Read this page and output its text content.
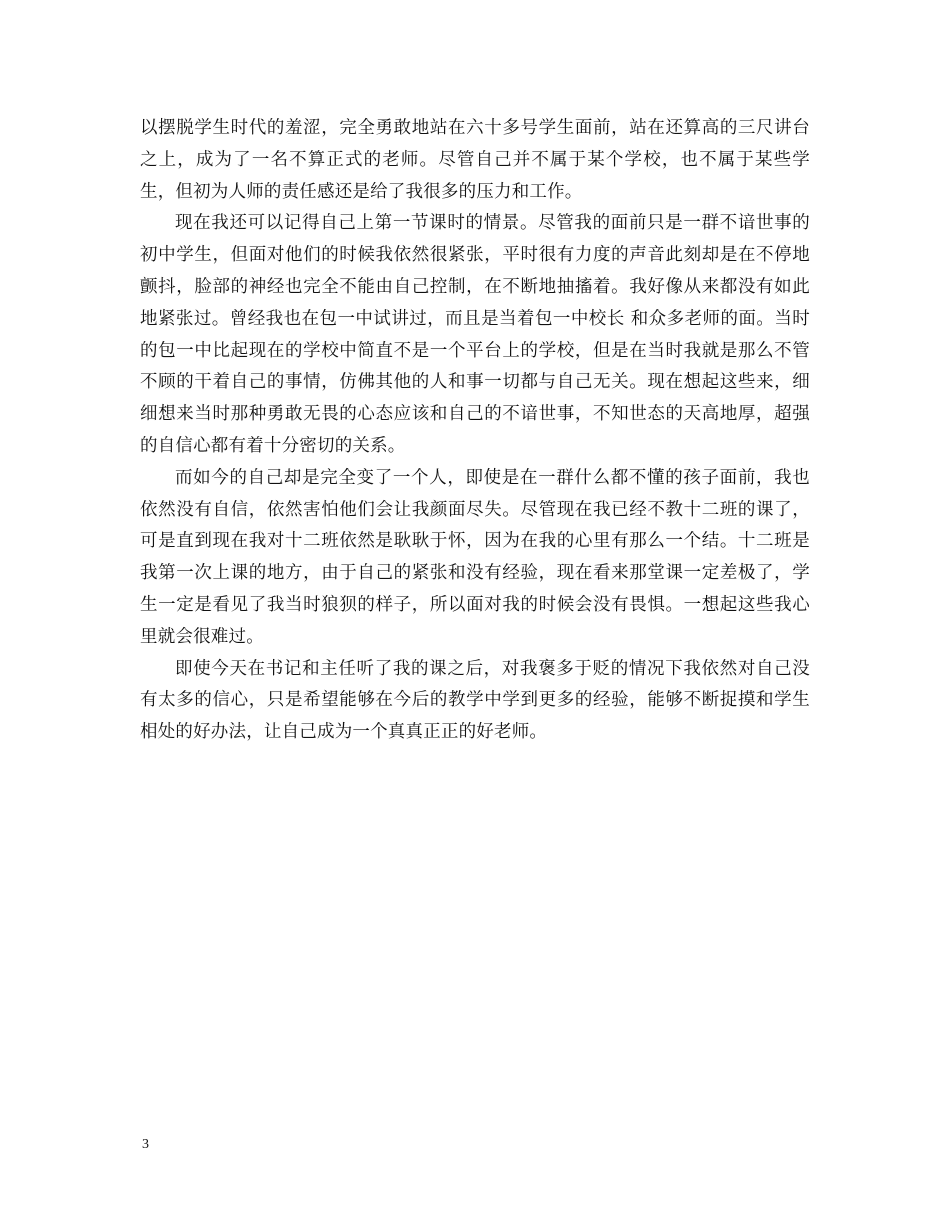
以摆脱学生时代的羞涩，完全勇敢地站在六十多号学生面前，站在还算高的三尺讲台之上，成为了一名不算正式的老师。尽管自己并不属于某个学校，也不属于某些学生，但初为人师的责任感还是给了我很多的压力和工作。

现在我还可以记得自己上第一节课时的情景。尽管我的面前只是一群不谙世事的初中学生，但面对他们的时候我依然很紧张，平时很有力度的声音此刻却是在不停地颤抖，脸部的神经也完全不能由自己控制，在不断地抽搐着。我好像从来都没有如此地紧张过。曾经我也在包一中试讲过，而且是当着包一中校长 和众多老师的面。当时的包一中比起现在的学校中简直不是一个平台上的学校，但是在当时我就是那么不管不顾的干着自己的事情，仿佛其他的人和事一切都与自己无关。现在想起这些来，细细想来当时那种勇敢无畏的心态应该和自己的不谙世事，不知世态的天高地厚，超强的自信心都有着十分密切的关系。

而如今的自己却是完全变了一个人，即使是在一群什么都不懂的孩子面前，我也依然没有自信，依然害怕他们会让我颜面尽失。尽管现在我已经不教十二班的课了，可是直到现在我对十二班依然是耿耿于怀，因为在我的心里有那么一个结。十二班是我第一次上课的地方，由于自己的紧张和没有经验，现在看来那堂课一定差极了，学生一定是看见了我当时狼狈的样子，所以面对我的时候会没有畏惧。一想起这些我心里就会很难过。

即使今天在书记和主任听了我的课之后，对我褒多于贬的情况下我依然对自己没有太多的信心，只是希望能够在今后的教学中学到更多的经验，能够不断捉摸和学生相处的好办法，让自己成为一个真真正正的好老师。

3
